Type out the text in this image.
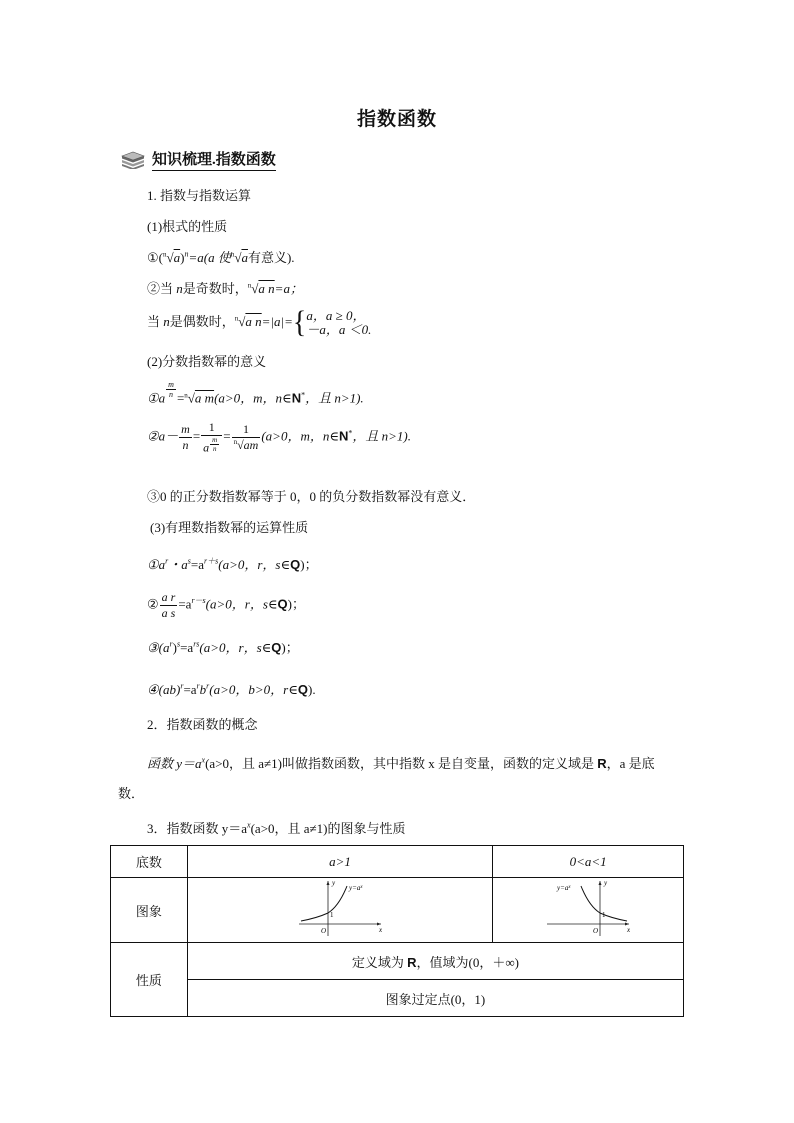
指数函数
知识梳理.指数函数
1. 指数与指数运算
(1)根式的性质
$①(^n√a)^n=a(a$ 使$^n$√a有意义).
②当 n是奇数时，$^n$√a n=a；
当 n是偶数时，$^n$√a n=|a|={a，a ≥ 0，
－a，a ＜0.
(2)分数指数幂的意义
①a $^{\frac{m}{n}}$ =$^n$√a m(a>0，m，n∈N*，且 n>1).
②a－ $\frac{m}{n} = 1$
a $^{\frac{m}{n}} = \frac{1}{^n√am} (a>0$，m，n∈N*，且 n>1).
③0 的正分数指数幂等于 0，0 的负分数指数幂没有意义．
(3)有理数指数幂的运算性质
$①a^r$・$a^s=a^{r+s}(a>0$，r，s∈Q)；
② $\frac{\text{a r}}{\text{a s}} =a^{r-s}(a>0$，r，s∈Q)；
$③(a^r)^s=a^{rs}(a>0$，r，s∈Q)；
$④(ab)^r=a^rb^r(a>0$，b>0，r∈Q).
2．指数函数的概念
函数 $y=a^x(a>0$，且 a≠1)叫做指数函数，其中指数 x 是自变量，函数的定义域是 R，a 是底数．
3．指数函数 $y=a^x(a>0$，且 a≠1)的图象与性质
底数	a>1	0<a<1
图象	y
x
O
1
$y=a^x$	y
x
O
1
$y=a^x$

性质	定义域为 R，值域为(0，＋∞)	
	图象过定点(0，1)	
